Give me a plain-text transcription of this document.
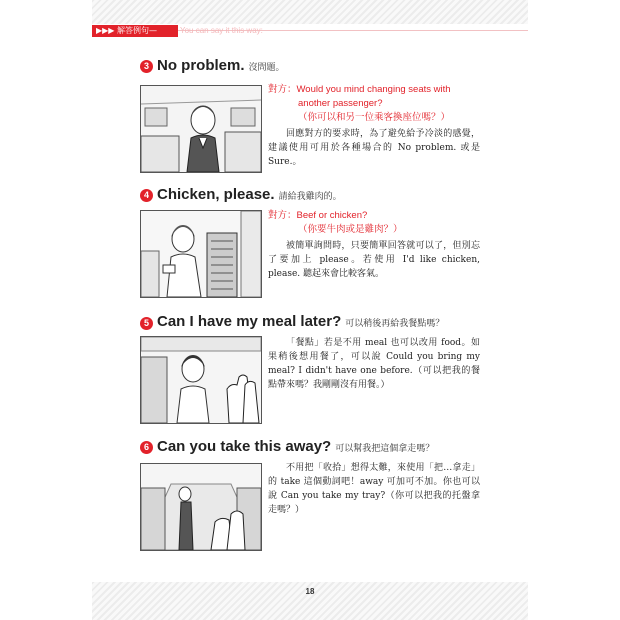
▶▶▶ 解答例句—	You can say it this way:
3 No problem. 沒問題。
對方：Would you mind changing seats with
another passenger?
（你可以和另一位乘客換座位嗎？）

回應對方的要求時，為了避免給予冷淡的感覺，建議使用可用於各種場合的 No problem. 或是 Sure.。

4 Chicken, please. 請給我雞肉的。
對方：Beef or chicken?
（你要牛肉或是雞肉？）

被簡單詢問時，只要簡單回答就可以了，但別忘了要加上 please。若使用 I'd like chicken, please. 聽起來會比較客氣。

5 Can I have my meal later? 可以稍後再給我餐點嗎？

「餐點」若是不用 meal 也可以改用 food。如果稍後想用餐了，可以說 Could you bring my meal? I didn't have one before.（可以把我的餐點帶來嗎？我剛剛沒有用餐。）

6 Can you take this away? 可以幫我把這個拿走嗎？

不用把「收拾」想得太難，來使用「把…拿走」的 take 這個動詞吧！away 可加可不加。你也可以說 Can you take my tray?（你可以把我的托盤拿走嗎？）

18
